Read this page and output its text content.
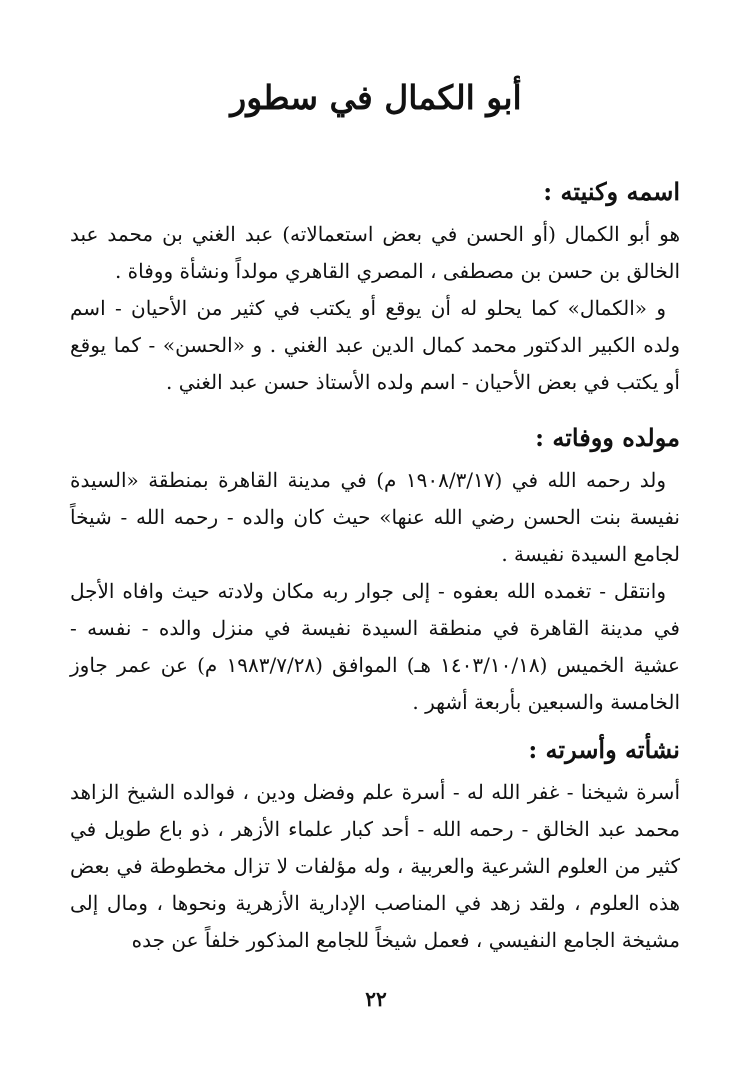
أبو الكمال في سطور
اسمه وكنيته :

هو أبو الكمال (أو الحسن في بعض استعمالاته) عبد الغني بن محمد عبد الخالق بن حسن بن مصطفى ، المصري القاهري مولداً ونشأة ووفاة .

و «الكمال» كما يحلو له أن يوقع أو يكتب في كثير من الأحيان - اسم ولده الكبير الدكتور محمد كمال الدين عبد الغني . و «الحسن» - كما يوقع أو يكتب في بعض الأحيان - اسم ولده الأستاذ حسن عبد الغني .

مولده ووفاته :

ولد رحمه الله في (١٩٠٨/٣/١٧ م) في مدينة القاهرة بمنطقة «السيدة نفيسة بنت الحسن رضي الله عنها» حيث كان والده - رحمه الله - شيخاً لجامع السيدة نفيسة .

وانتقل - تغمده الله بعفوه - إلى جوار ربه مكان ولادته حيث وافاه الأجل في مدينة القاهرة في منطقة السيدة نفيسة في منزل والده - نفسه - عشية الخميس (١٤٠٣/١٠/١٨ هـ) الموافق (١٩٨٣/٧/٢٨ م) عن عمر جاوز الخامسة والسبعين بأربعة أشهر .

نشأته وأسرته :

أسرة شيخنا - غفر الله له - أسرة علم وفضل ودين ، فوالده الشيخ الزاهد محمد عبد الخالق - رحمه الله - أحد كبار علماء الأزهر ، ذو باع طويل في كثير من العلوم الشرعية والعربية ، وله مؤلفات لا تزال مخطوطة في بعض هذه العلوم ، ولقد زهد في المناصب الإدارية الأزهرية ونحوها ، ومال إلى مشيخة الجامع النفيسي ، فعمل شيخاً للجامع المذكور خلفاً عن جده

٢٢
